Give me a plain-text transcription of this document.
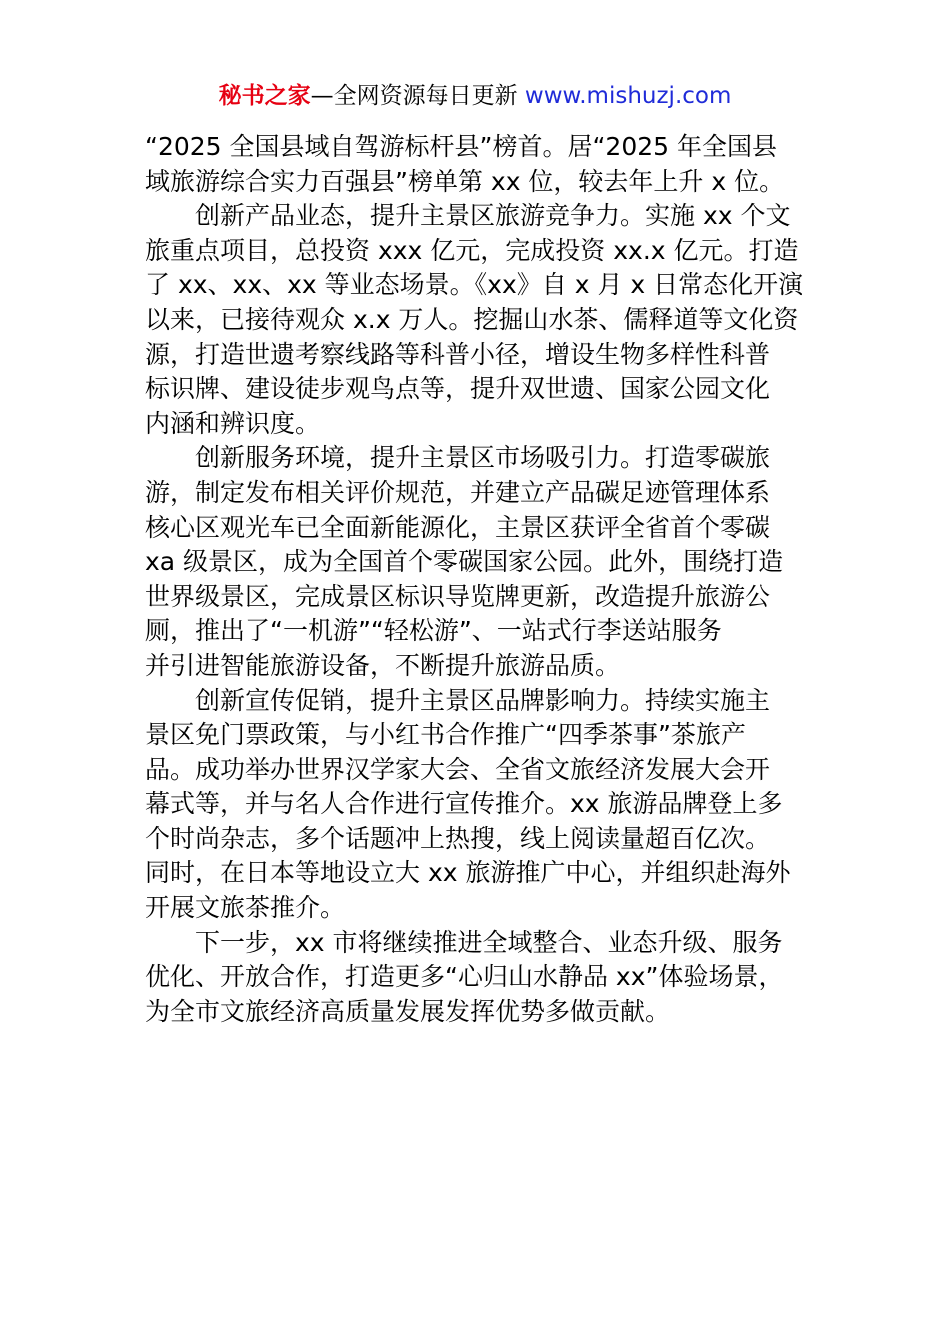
秘书之家—全网资源每日更新 www.mishuzj.com
“2025 全国县域自驾游标杆县”榜首。居“2025 年全国县
域旅游综合实力百强县”榜单第 xx 位，较去年上升 x 位。
创新产品业态，提升主景区旅游竞争力。实施 xx 个文
旅重点项目，总投资 xxx 亿元，完成投资 xx.x 亿元。打造
了 xx、xx、xx 等业态场景。《xx》自 x 月 x 日常态化开演
以来，已接待观众 x.x 万人。挖掘山水茶、儒释道等文化资
源，打造世遗考察线路等科普小径，增设生物多样性科普
标识牌、建设徒步观鸟点等，提升双世遗、国家公园文化
内涵和辨识度。
创新服务环境，提升主景区市场吸引力。打造零碳旅
游，制定发布相关评价规范，并建立产品碳足迹管理体系
核心区观光车已全面新能源化，主景区获评全省首个零碳
xa 级景区，成为全国首个零碳国家公园。此外，围绕打造
世界级景区，完成景区标识导览牌更新，改造提升旅游公
厕，推出了“一机游”“轻松游”、一站式行李送站服务
并引进智能旅游设备，不断提升旅游品质。
创新宣传促销，提升主景区品牌影响力。持续实施主
景区免门票政策，与小红书合作推广“四季茶事”茶旅产
品。成功举办世界汉学家大会、全省文旅经济发展大会开
幕式等，并与名人合作进行宣传推介。xx 旅游品牌登上多
个时尚杂志，多个话题冲上热搜，线上阅读量超百亿次。
同时，在日本等地设立大 xx 旅游推广中心，并组织赴海外
开展文旅茶推介。
下一步，xx 市将继续推进全域整合、业态升级、服务
优化、开放合作，打造更多“心归山水静品 xx”体验场景，
为全市文旅经济高质量发展发挥优势多做贡献。
